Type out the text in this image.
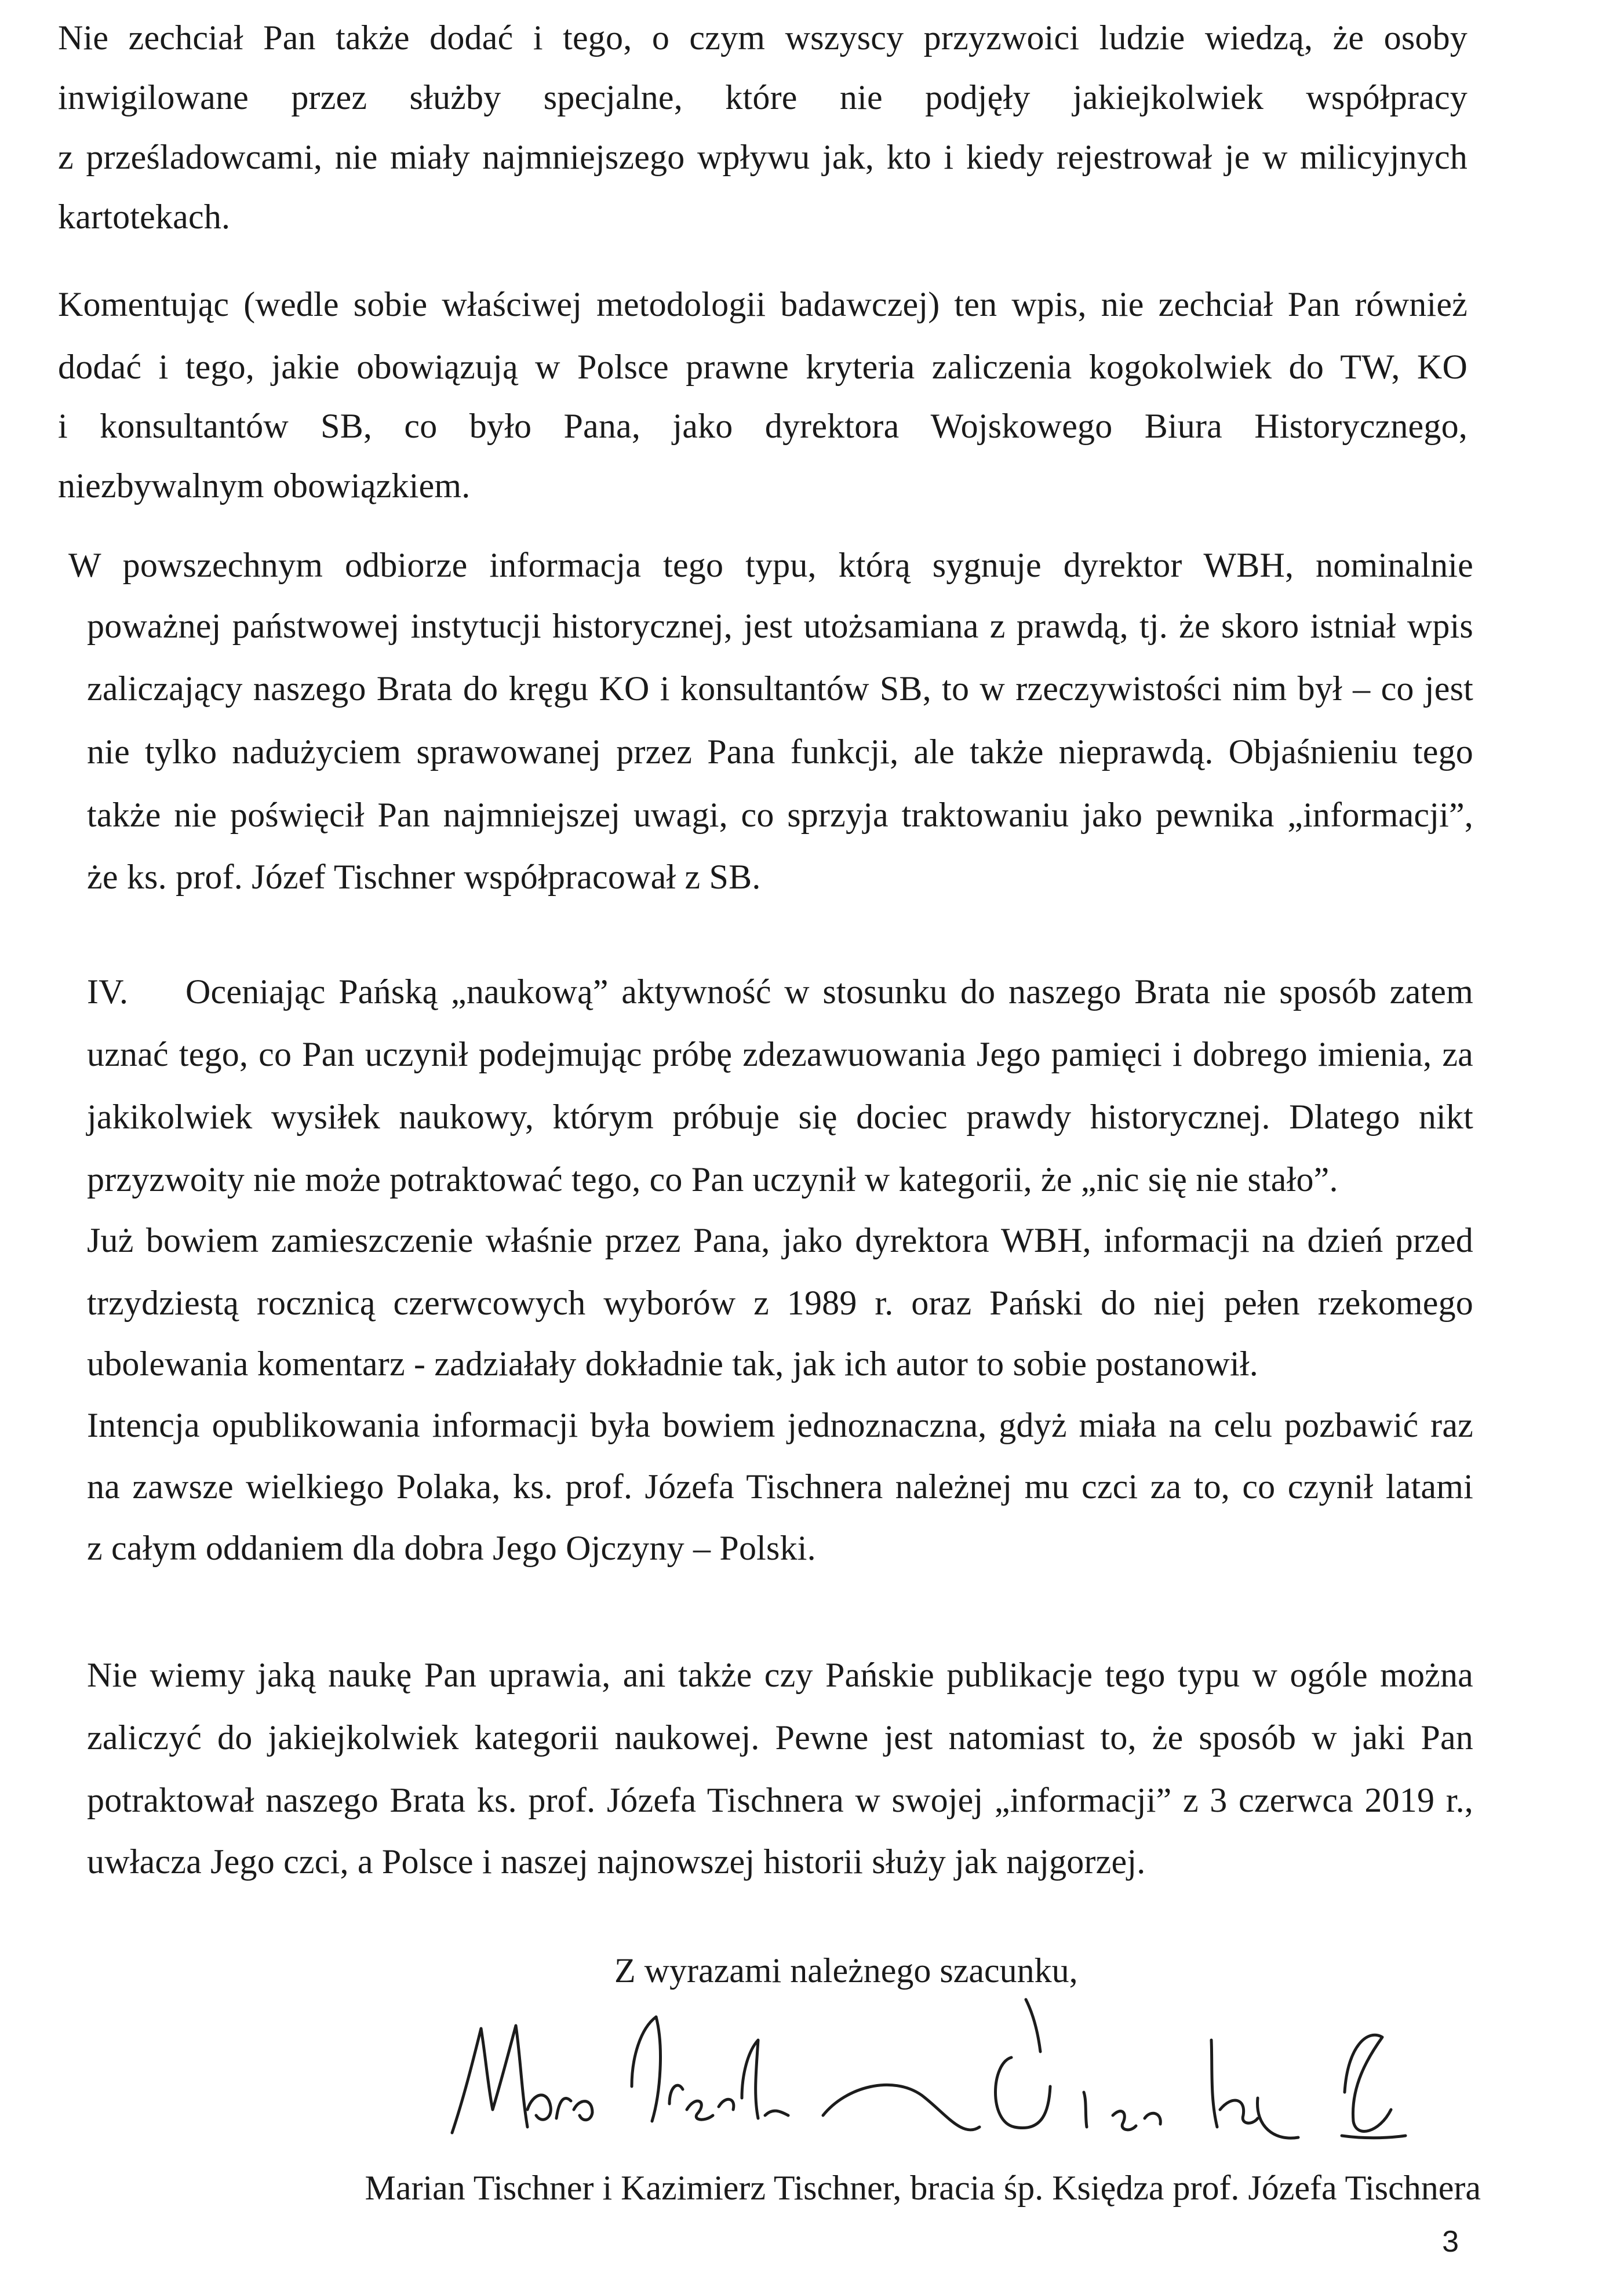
Nie zechciał Pan także dodać i tego, o czym wszyscy przyzwoici ludzie wiedzą, że osoby

inwigilowane przez służby specjalne, które nie podjęły jakiejkolwiek współpracy

z prześladowcami, nie miały najmniejszego wpływu jak, kto i kiedy rejestrował je w milicyjnych

kartotekach.

Komentując (wedle sobie właściwej metodologii badawczej) ten wpis, nie zechciał Pan również

dodać i tego, jakie obowiązują w Polsce prawne kryteria zaliczenia kogokolwiek do TW, KO

i konsultantów SB, co było Pana, jako dyrektora Wojskowego Biura Historycznego,

niezbywalnym obowiązkiem.

W powszechnym odbiorze informacja tego typu, którą sygnuje dyrektor WBH, nominalnie

poważnej państwowej instytucji historycznej, jest utożsamiana z prawdą, tj. że skoro istniał wpis

zaliczający naszego Brata do kręgu KO i konsultantów SB, to w rzeczywistości nim był – co jest

nie tylko nadużyciem sprawowanej przez Pana funkcji, ale także nieprawdą. Objaśnieniu tego

także nie poświęcił Pan najmniejszej uwagi, co sprzyja traktowaniu jako pewnika „informacji”,

że ks. prof. Józef Tischner współpracował z SB.

IV. Oceniając Pańską „naukową” aktywność w stosunku do naszego Brata nie sposób zatem

uznać tego, co Pan uczynił podejmując próbę zdezawuowania Jego pamięci i dobrego imienia, za

jakikolwiek wysiłek naukowy, którym próbuje się dociec prawdy historycznej. Dlatego nikt

przyzwoity nie może potraktować tego, co Pan uczynił w kategorii, że „nic się nie stało”.

Już bowiem zamieszczenie właśnie przez Pana, jako dyrektora WBH, informacji na dzień przed

trzydziestą rocznicą czerwcowych wyborów z 1989 r. oraz Pański do niej pełen rzekomego

ubolewania komentarz - zadziałały dokładnie tak, jak ich autor to sobie postanowił.

Intencja opublikowania informacji była bowiem jednoznaczna, gdyż miała na celu pozbawić raz

na zawsze wielkiego Polaka, ks. prof. Józefa Tischnera należnej mu czci za to, co czynił latami

z całym oddaniem dla dobra Jego Ojczyny – Polski.

Nie wiemy jaką naukę Pan uprawia, ani także czy Pańskie publikacje tego typu w ogóle można

zaliczyć do jakiejkolwiek kategorii naukowej. Pewne jest natomiast to, że sposób w jaki Pan

potraktował naszego Brata ks. prof. Józefa Tischnera w swojej „informacji” z 3 czerwca 2019 r.,

uwłacza Jego czci, a Polsce i naszej najnowszej historii służy jak najgorzej.

Z wyrazami należnego szacunku,

Marian Tischner i Kazimierz Tischner, bracia śp. Księdza prof. Józefa Tischnera

3
